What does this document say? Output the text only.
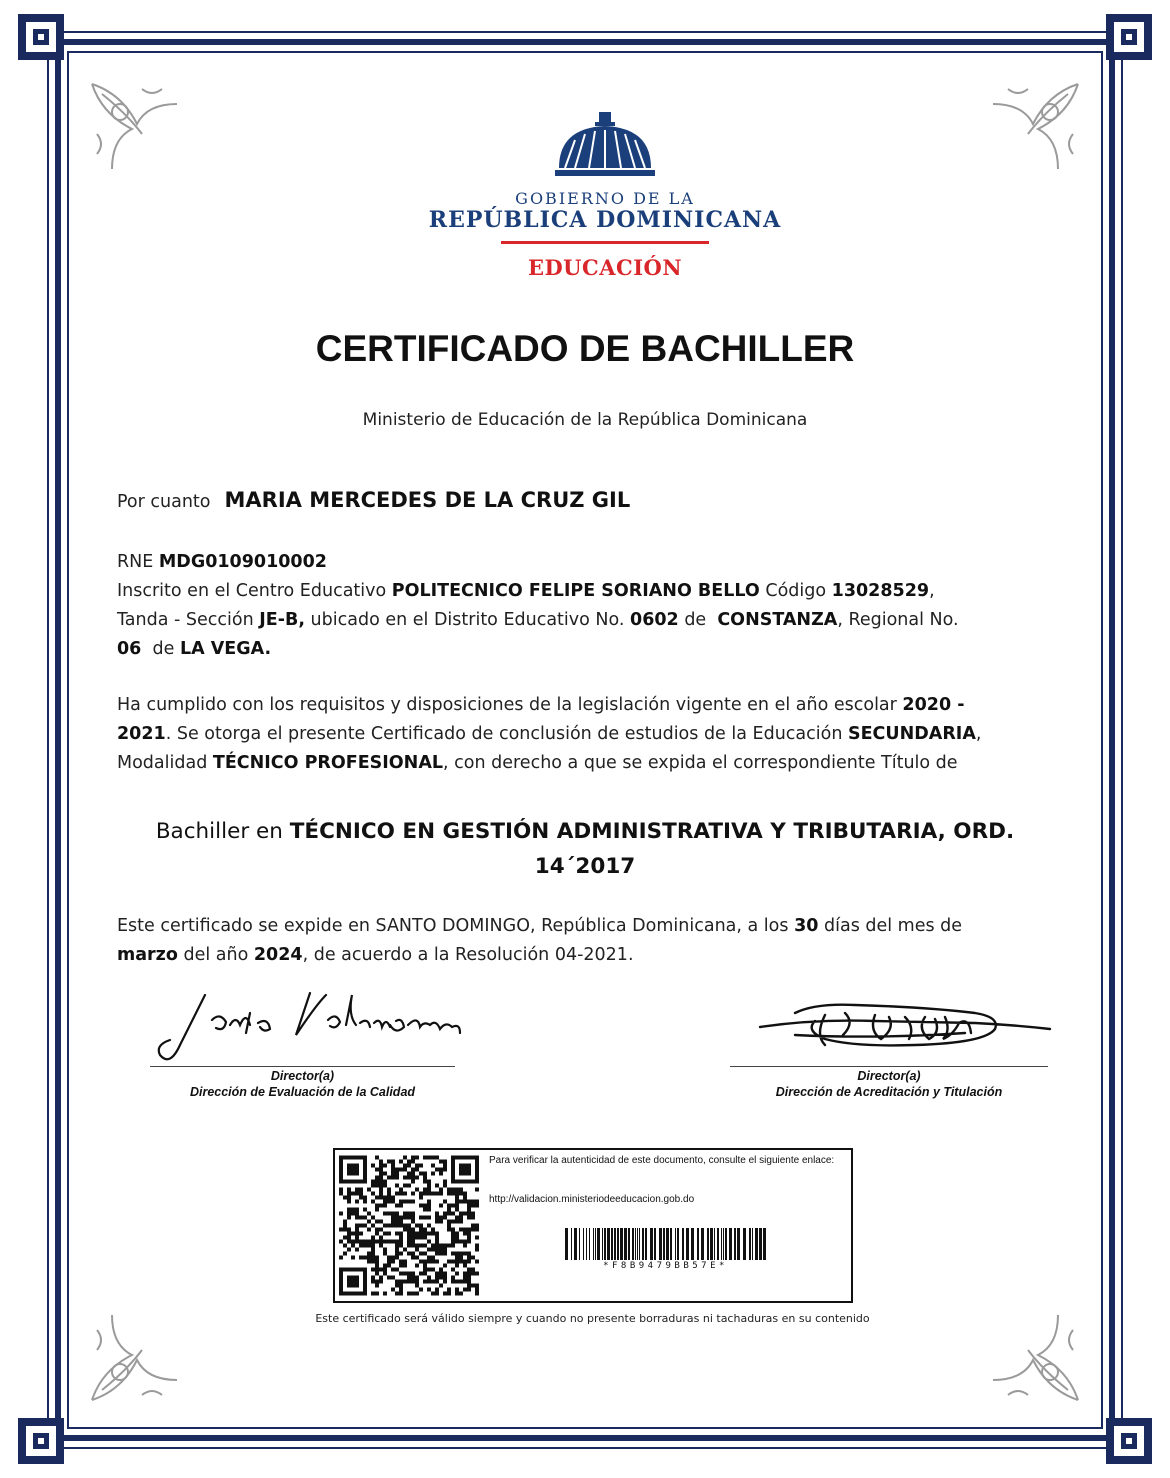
GOBIERNO DE LA
REPÚBLICA DOMINICANA
EDUCACIÓN
CERTIFICADO DE BACHILLER
Ministerio de Educación de la República Dominicana
Por cuanto MARIA MERCEDES DE LA CRUZ GIL
RNE MDG0109010002
Inscrito en el Centro Educativo POLITECNICO FELIPE SORIANO BELLO Código 13028529,
Tanda - Sección JE-B, ubicado en el Distrito Educativo No. 0602 de CONSTANZA, Regional No.
06 de LA VEGA.
Ha cumplido con los requisitos y disposiciones de la legislación vigente en el año escolar 2020 -
2021. Se otorga el presente Certificado de conclusión de estudios de la Educación SECUNDARIA,
Modalidad TÉCNICO PROFESIONAL, con derecho a que se expida el correspondiente Título de
Bachiller en TÉCNICO EN GESTIÓN ADMINISTRATIVA Y TRIBUTARIA, ORD.
14´2017
Este certificado se expide en SANTO DOMINGO, República Dominicana, a los 30 días del mes de
marzo del año 2024, de acuerdo a la Resolución 04-2021.
Director(a)
Dirección de Evaluación de la Calidad
Director(a)
Dirección de Acreditación y Titulación
Para verificar la autenticidad de este documento, consulte el siguiente enlace:
http://validacion.ministeriodeeducacion.gob.do
*F8B9479BB57E*
Este certificado será válido siempre y cuando no presente borraduras ni tachaduras en su contenido
